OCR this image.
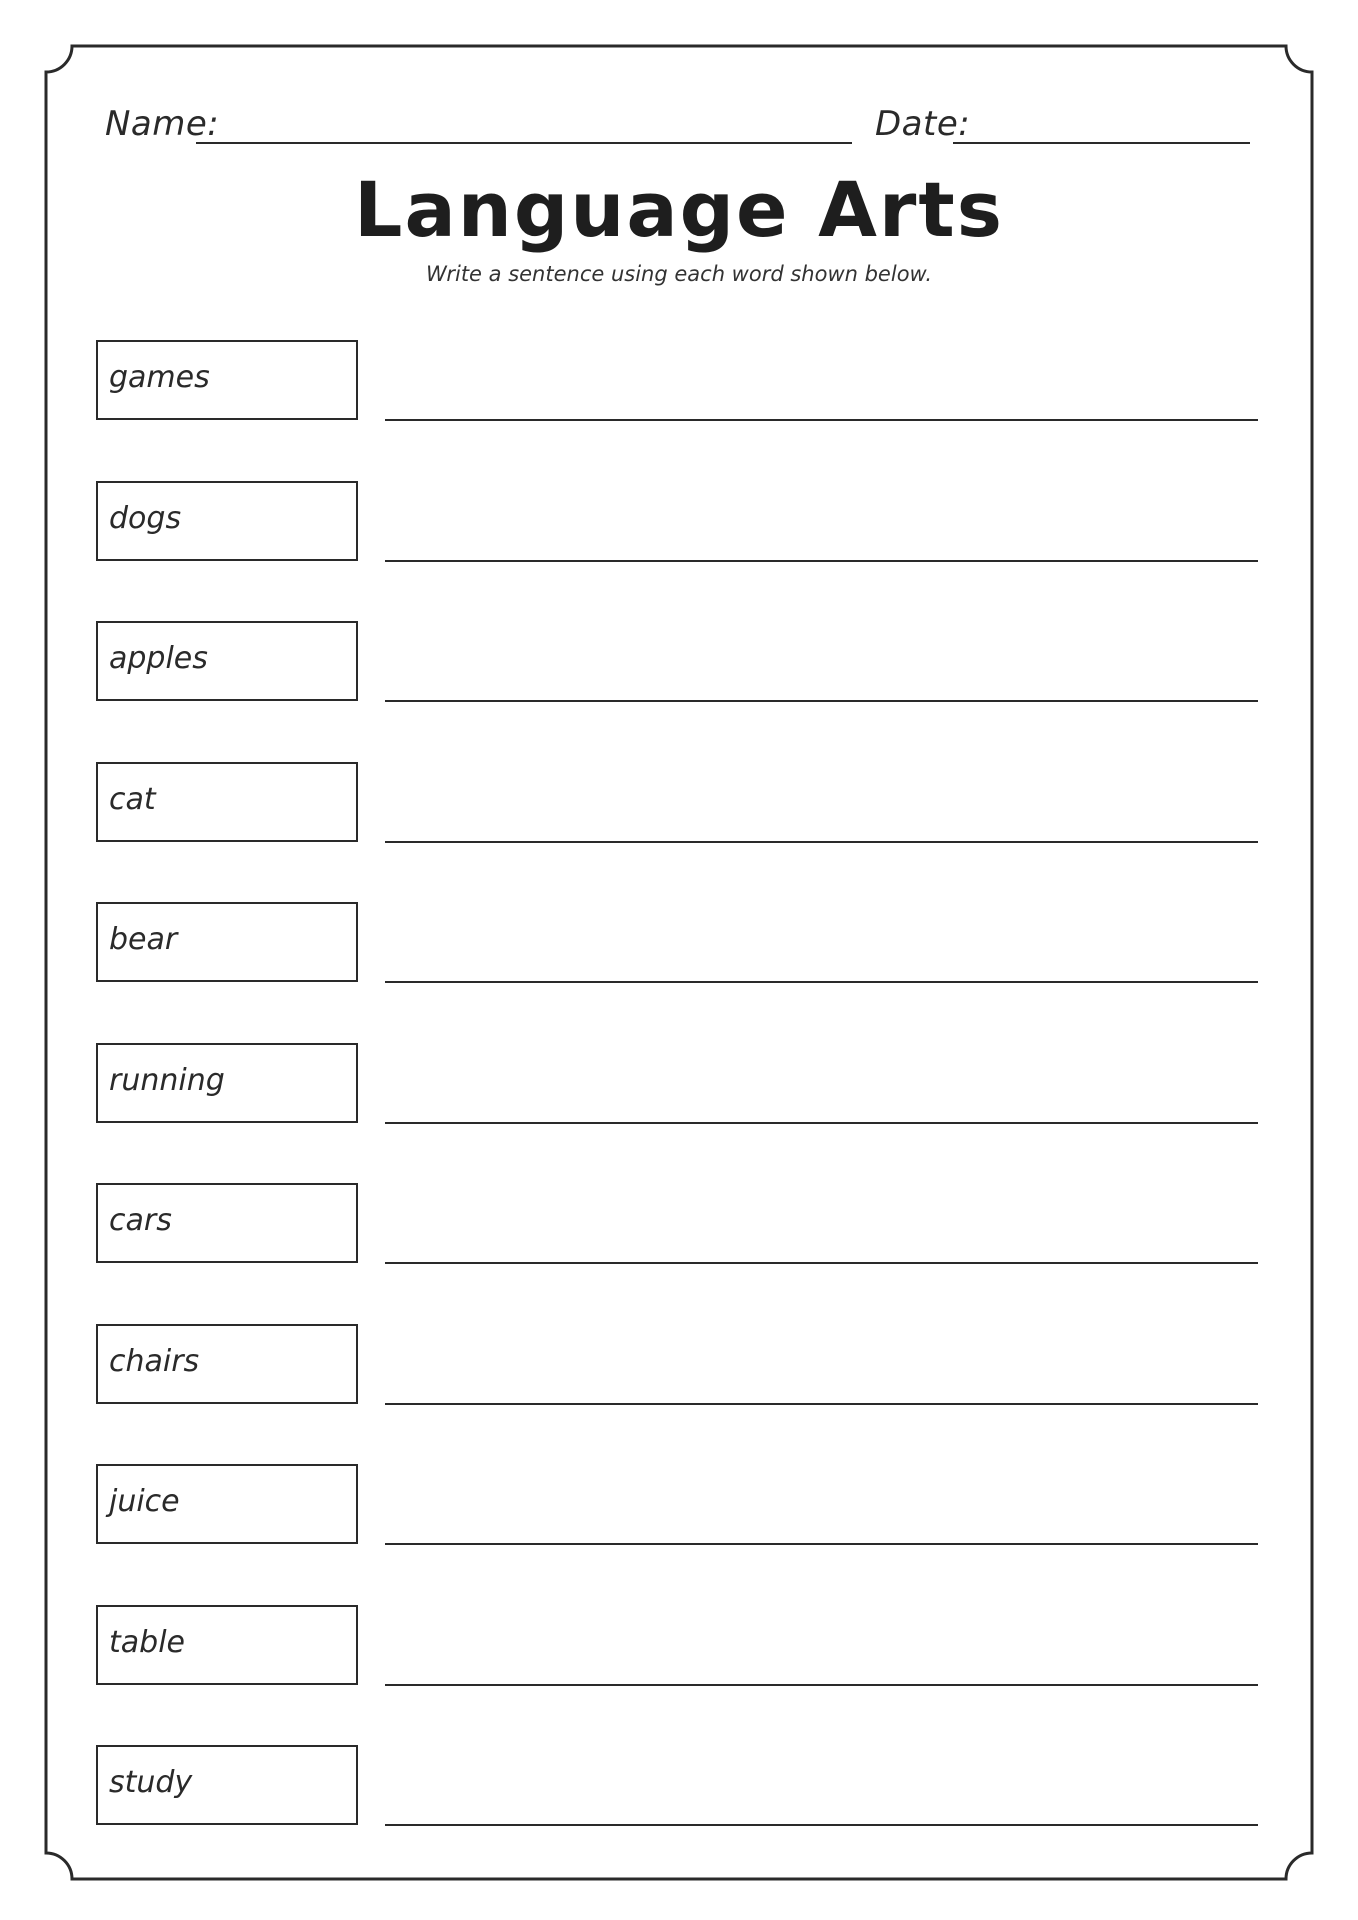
Name:	Date:
Language Arts
Write a sentence using each word shown below.
games
dogs
apples
cat
bear
running
cars
chairs
juice
table
study
